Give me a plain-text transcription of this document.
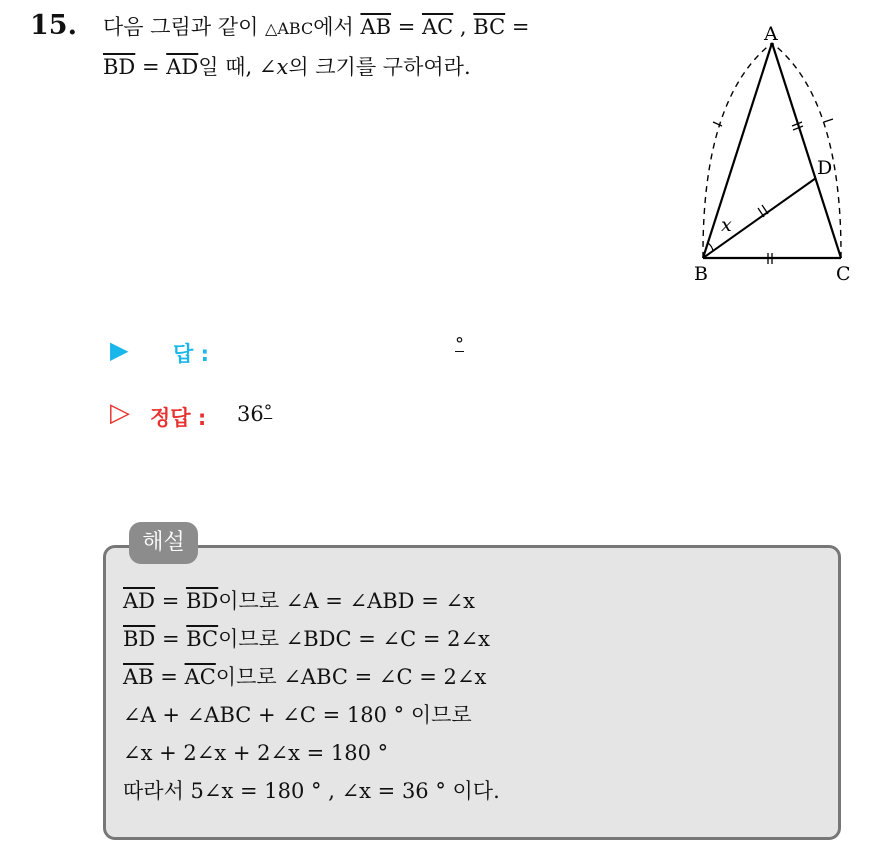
15. 다음 그림과 같이 △ABC에서 $\overline{AB} = \overline{AC}$ , $\overline{BC}$ =
$\overline{BD} = \overline{AD}$일 때, ∠x의 크기를 구하여라.
A
B	C
D
x
▶ 답 :	°
▷ 정답 : 36°
해설
$\overline{AD} = \overline{BD}$이므로 ∠A = ∠ABD = ∠x
$\overline{BD} = \overline{BC}$이므로 ∠BDC = ∠C = 2∠x
$\overline{AB} = \overline{AC}$이므로 ∠ABC = ∠C = 2∠x
∠A + ∠ABC + ∠C = 180 ° 이므로
∠x + 2∠x + 2∠x = 180 °
따라서 5∠x = 180 ° , ∠x = 36 ° 이다.
